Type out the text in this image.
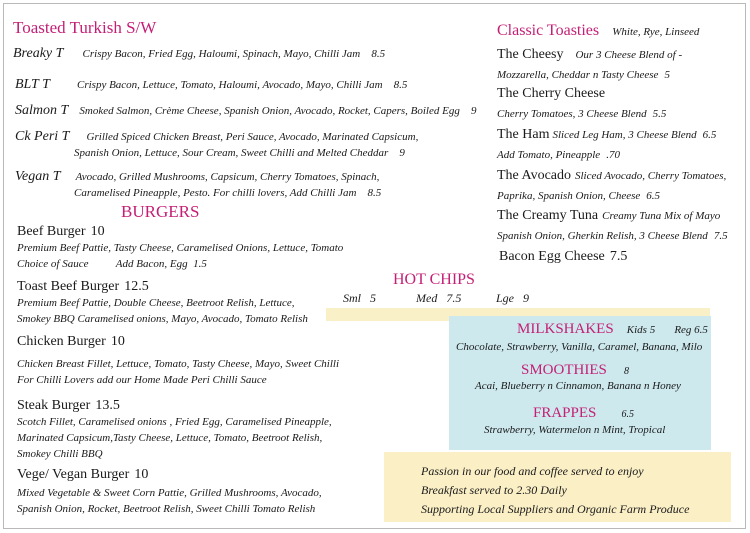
Toasted Turkish S/W
Breaky T Crispy Bacon, Fried Egg, Haloumi, Spinach, Mayo, Chilli Jam 8.5
BLT T Crispy Bacon, Lettuce, Tomato, Haloumi, Avocado, Mayo, Chilli Jam 8.5
Salmon T Smoked Salmon, Crème Cheese, Spanish Onion, Avocado, Rocket, Capers, Boiled Egg 9
Ck Peri T Grilled Spiced Chicken Breast, Peri Sauce, Avocado, Marinated Capsicum,
Spanish Onion, Lettuce, Sour Cream, Sweet Chilli and Melted Cheddar 9
Vegan T Avocado, Grilled Mushrooms, Capsicum, Cherry Tomatoes, Spinach,
Caramelised Pineapple, Pesto. For chilli lovers, Add Chilli Jam 8.5
BURGERS
Beef Burger 10
Premium Beef Pattie, Tasty Cheese, Caramelised Onions, Lettuce, Tomato
Choice of Sauce          Add Bacon, Egg  1.5
Toast Beef Burger 12.5
Premium Beef Pattie, Double Cheese, Beetroot Relish, Lettuce,
Smokey BBQ Caramelised onions, Mayo, Avocado, Tomato Relish
Chicken Burger 10
Chicken Breast Fillet, Lettuce, Tomato, Tasty Cheese, Mayo, Sweet Chilli
For Chilli Lovers add our Home Made Peri Chilli Sauce
Steak Burger 13.5
Scotch Fillet, Caramelised onions , Fried Egg, Caramelised Pineapple,
Marinated Capsicum,Tasty Cheese, Lettuce, Tomato, Beetroot Relish,
Smokey Chilli BBQ
Vege/ Vegan Burger 10
Mixed Vegetable & Sweet Corn Pattie, Grilled Mushrooms, Avocado,
Spanish Onion, Rocket, Beetroot Relish, Sweet Chilli Tomato Relish
Classic Toasties White, Rye, Linseed
The Cheesy Our 3 Cheese Blend of -
Mozzarella, Cheddar n Tasty Cheese 5
The Cherry Cheese
Cherry Tomatoes, 3 Cheese Blend 5.5
The Ham Sliced Leg Ham, 3 Cheese Blend 6.5
Add Tomato, Pineapple .70
The Avocado Sliced Avocado, Cherry Tomatoes,
Paprika, Spanish Onion, Cheese 6.5
The Creamy Tuna Creamy Tuna Mix of Mayo
Spanish Onion, Gherkin Relish, 3 Cheese Blend 7.5
Bacon Egg Cheese 7.5
HOT CHIPS
Sml 5	Med 7.5	Lge 9
MILKSHAKES Kids 5 Reg 6.5
Chocolate, Strawberry, Vanilla, Caramel, Banana, Milo
SMOOTHIES 8
Acai, Blueberry n Cinnamon, Banana n Honey
FRAPPES	6.5
Strawberry, Watermelon n Mint, Tropical
Passion in our food and coffee served to enjoy
Breakfast served to 2.30 Daily
Supporting Local Suppliers and Organic Farm Produce
